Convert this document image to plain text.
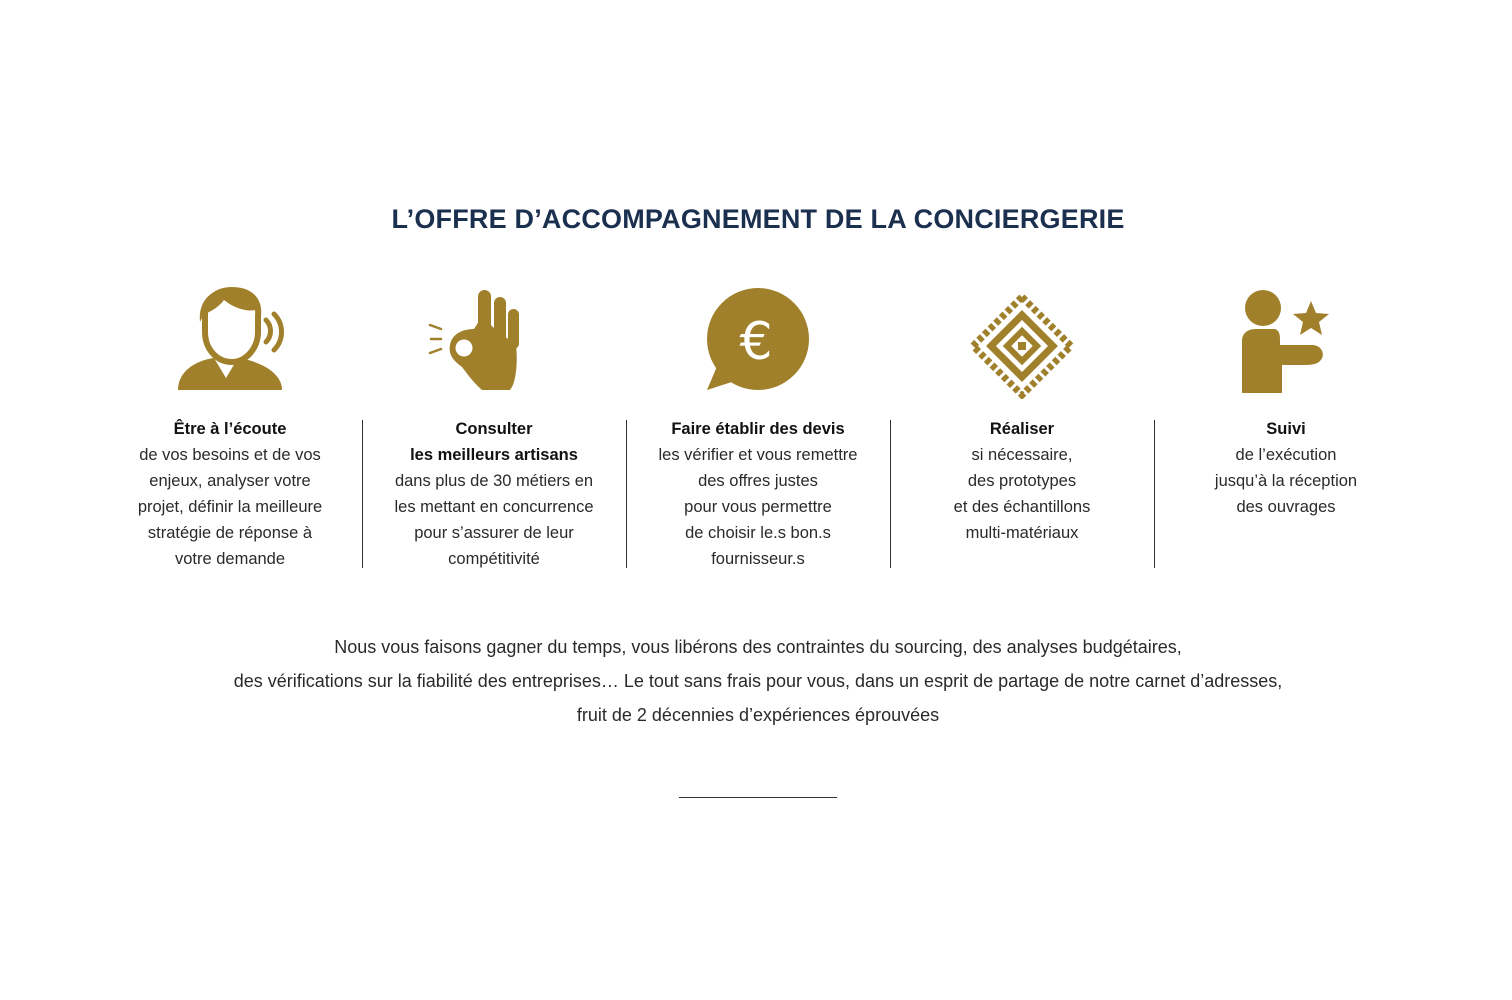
L’OFFRE D’ACCOMPAGNEMENT DE LA CONCIERGERIE
€
Être à l’écoute
de vos besoins et de vos
enjeux, analyser votre
projet, définir la meilleure
stratégie de réponse à
votre demande
Consulter
les meilleurs artisans
dans plus de 30 métiers en
les mettant en concurrence
pour s’assurer de leur
compétitivité
Faire établir des devis
les vérifier et vous remettre
des offres justes
pour vous permettre
de choisir le.s bon.s
fournisseur.s
Réaliser
si nécessaire,
des prototypes
et des échantillons
multi-matériaux
Suivi
de l’exécution
jusqu’à la réception
des ouvrages
Nous vous faisons gagner du temps, vous libérons des contraintes du sourcing, des analyses budgétaires,
des vérifications sur la fiabilité des entreprises… Le tout sans frais pour vous, dans un esprit de partage de notre carnet d’adresses,
fruit de 2 décennies d’expériences éprouvées
